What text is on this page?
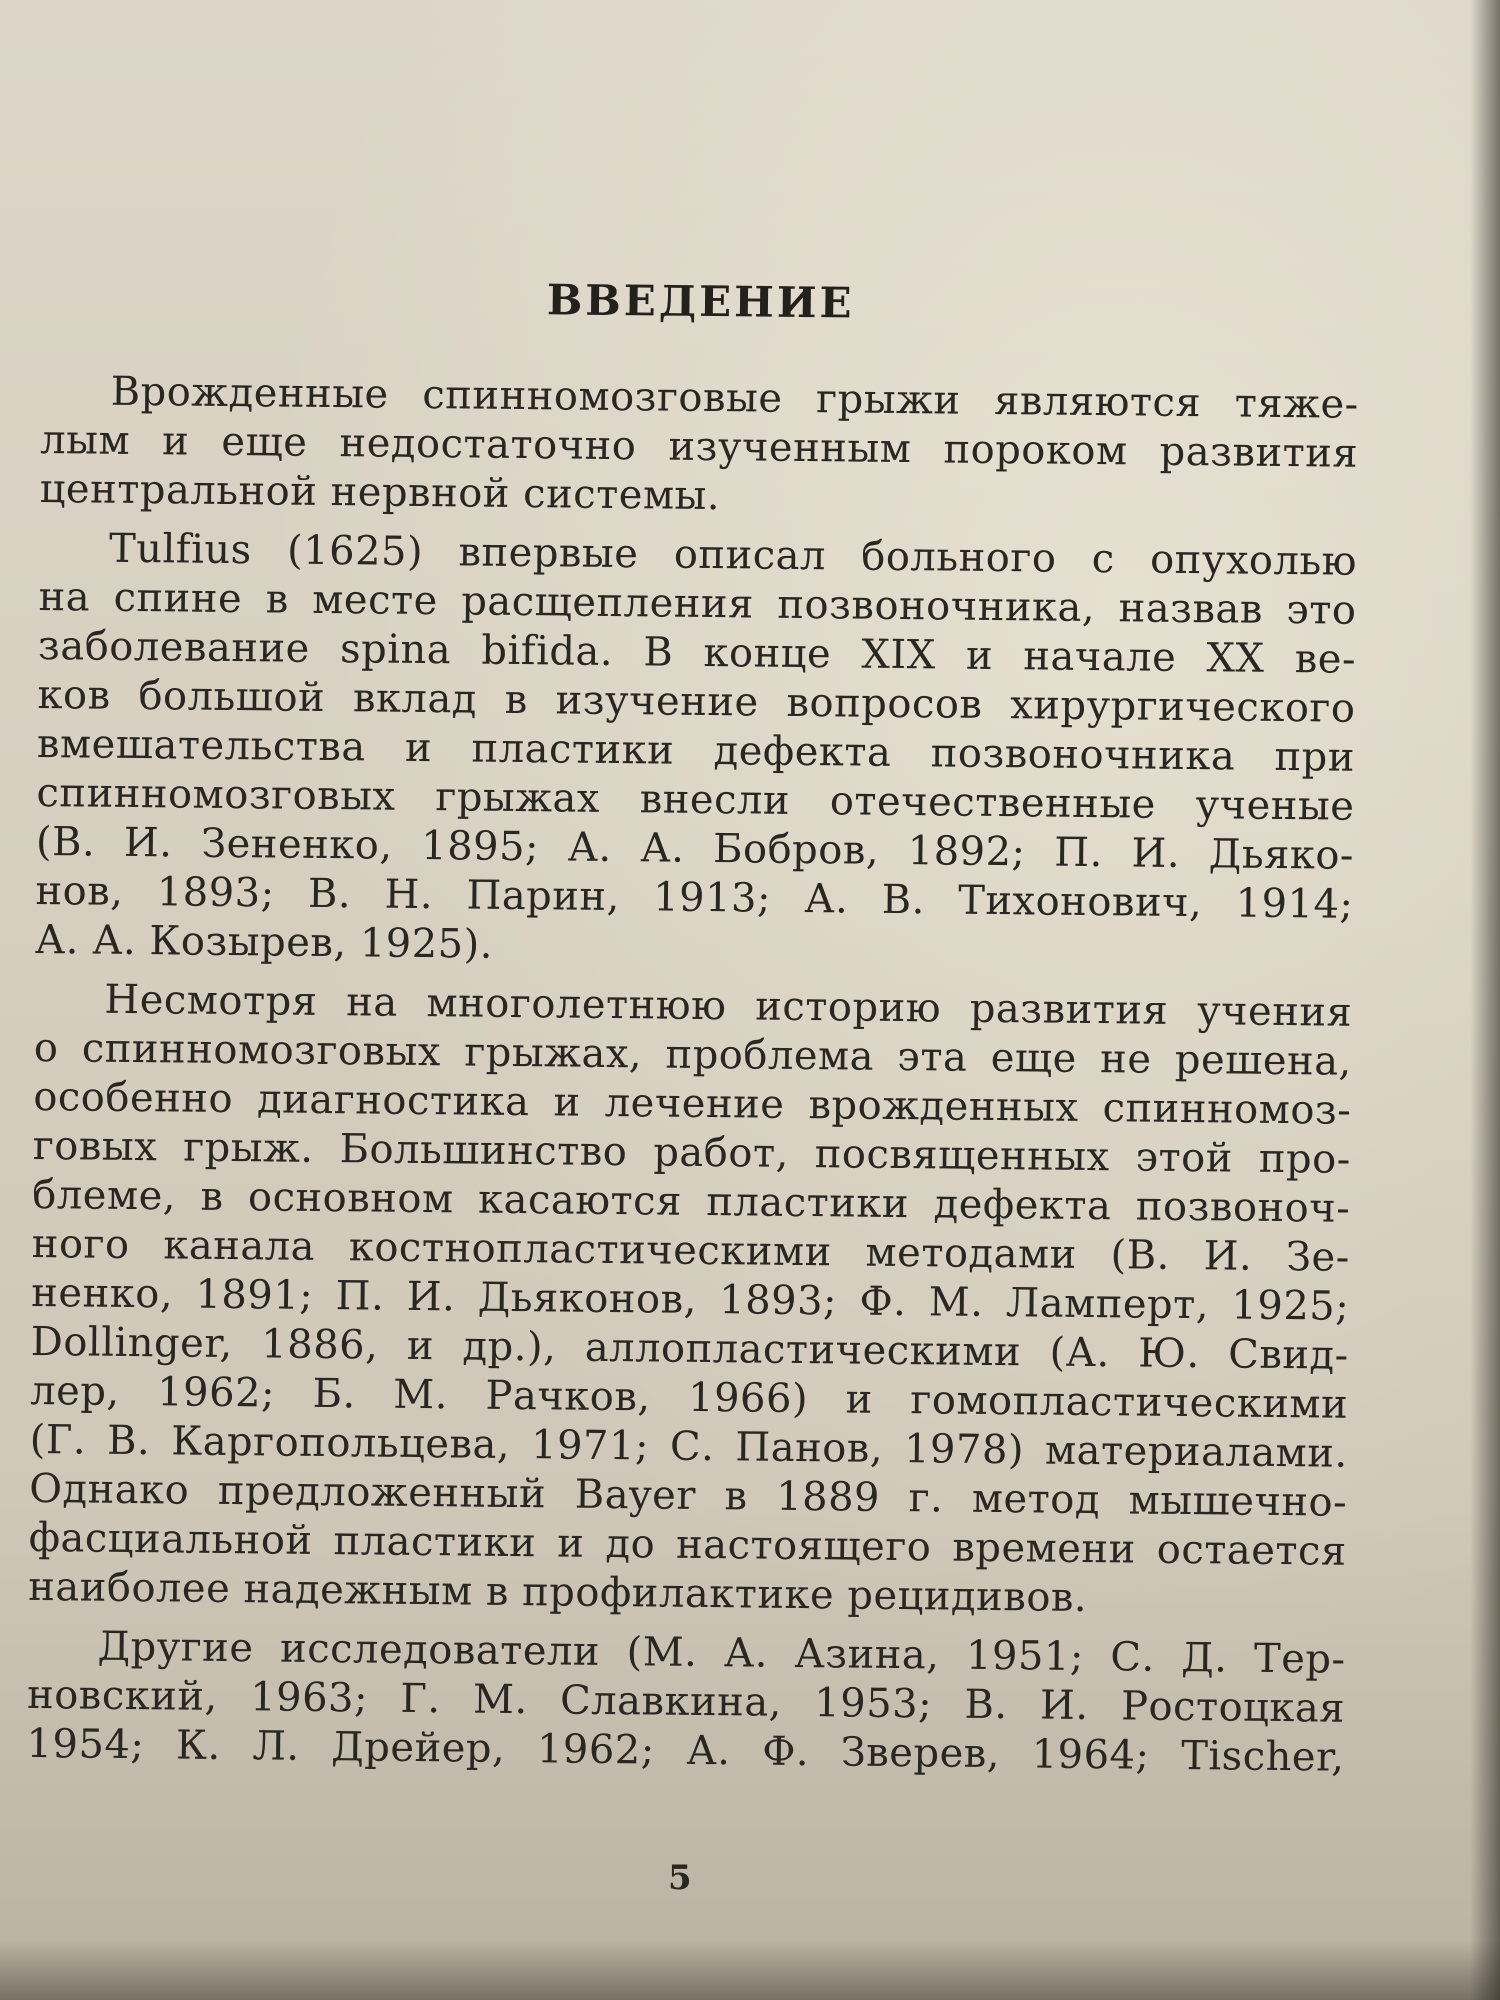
ВВЕДЕНИЕ
Врожденные спинномозговые грыжи являются тяже-
лым и еще недостаточно изученным пороком развития
центральной нервной системы.
Tulfius (1625) впервые описал больного с опухолью
на спине в месте расщепления позвоночника, назвав это
заболевание spina bifida. В конце XIX и начале XX ве-
ков большой вклад в изучение вопросов хирургического
вмешательства и пластики дефекта позвоночника при
спинномозговых грыжах внесли отечественные ученые
(В. И. Зененко, 1895; А. А. Бобров, 1892; П. И. Дьяко-
нов, 1893; В. Н. Парин, 1913; А. В. Тихонович, 1914;
А. А. Козырев, 1925).
Несмотря на многолетнюю историю развития учения
о спинномозговых грыжах, проблема эта еще не решена,
особенно диагностика и лечение врожденных спинномоз-
говых грыж. Большинство работ, посвященных этой про-
блеме, в основном касаются пластики дефекта позвоноч-
ного канала костнопластическими методами (В. И. Зе-
ненко, 1891; П. И. Дьяконов, 1893; Ф. М. Ламперт, 1925;
Dollinger, 1886, и др.), аллопластическими (А. Ю. Свид-
лер, 1962; Б. М. Рачков, 1966) и гомопластическими
(Г. В. Каргопольцева, 1971; С. Панов, 1978) материалами.
Однако предложенный Bayer в 1889 г. метод мышечно-
фасциальной пластики и до настоящего времени остается
наиболее надежным в профилактике рецидивов.
Другие исследователи (М. А. Азина, 1951; С. Д. Тер-
новский, 1963; Г. М. Славкина, 1953; В. И. Ростоцкая
1954; К. Л. Дрейер, 1962; А. Ф. Зверев, 1964; Tischer,
5
